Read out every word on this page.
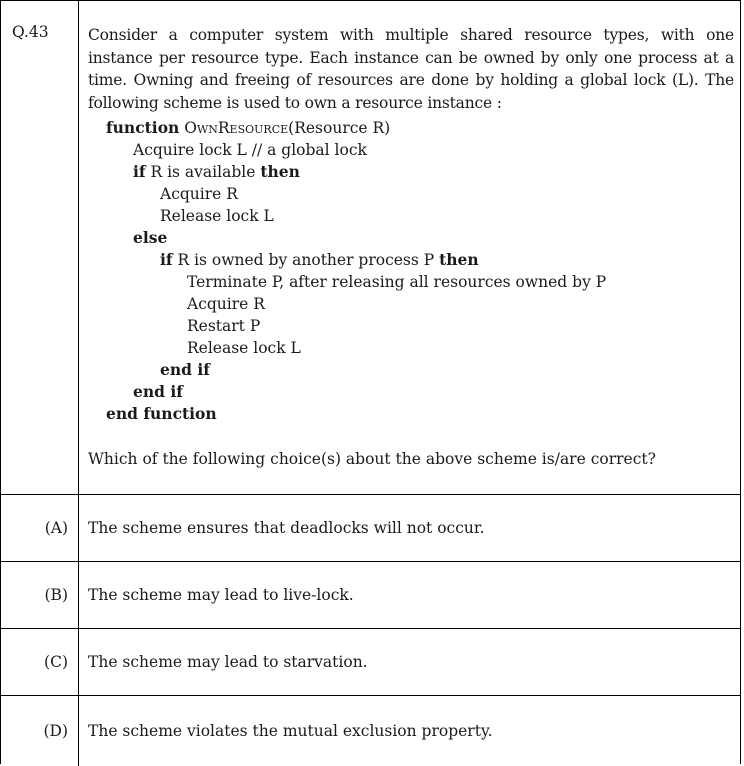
Q.43	Consider a computer system with multiple shared resource types, with one instance per resource type. Each instance can be owned by only one process at a time. Owning and freeing of resources are done by holding a global lock (L). The following scheme is used to own a resource instance :
function OwnResource(Resource R)
Acquire lock L // a global lock
if R is available then
Acquire R
Release lock L
else
if R is owned by another process P then
Terminate P, after releasing all resources owned by P
Acquire R
Restart P
Release lock L
end if
end if
end function
Which of the following choice(s) about the above scheme is/are correct?
(A)	The scheme ensures that deadlocks will not occur.
(B)	The scheme may lead to live-lock.
(C)	The scheme may lead to starvation.
(D)	The scheme violates the mutual exclusion property.
